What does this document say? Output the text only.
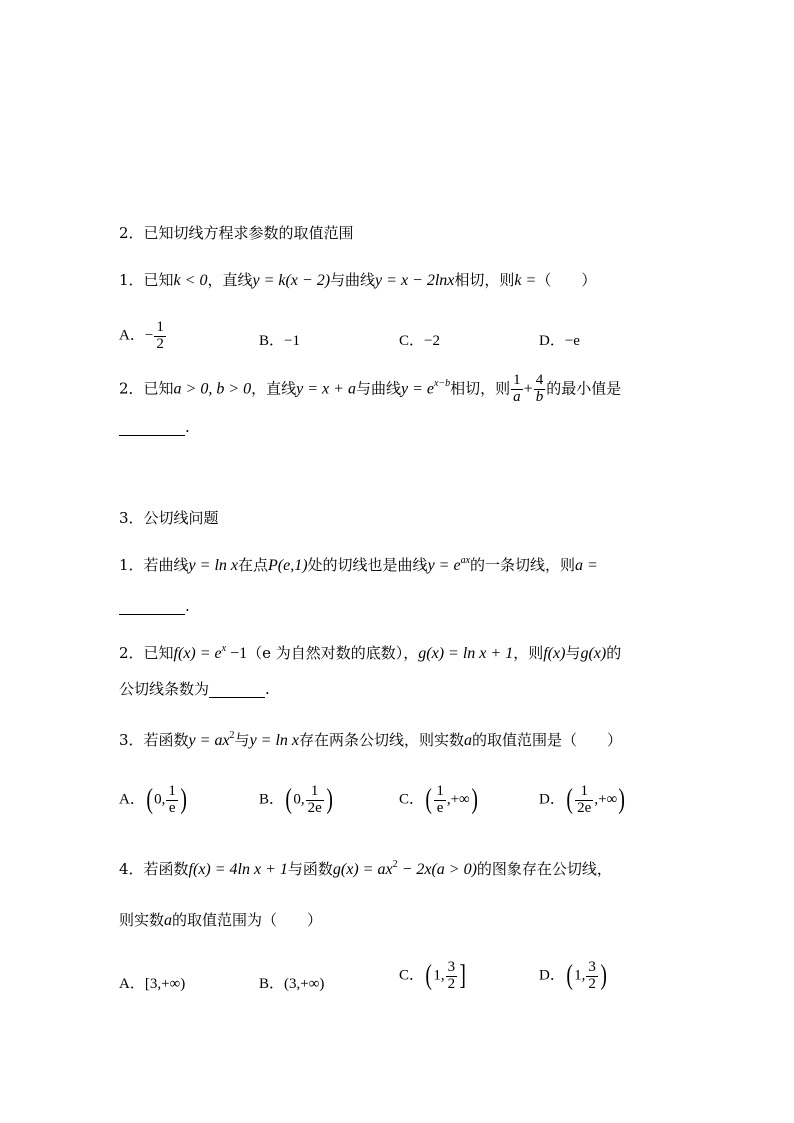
2．已知切线方程求参数的取值范围
1．已知k < 0，直线y = k(x − 2)与曲线y = x − 2lnx相切，则k =（　　）
A．− $\frac{1}{2}$	B．−1	C．−2	D．−e
2．已知a > 0, b > 0，直线y = x + a与曲线$y = e^{x-b}$相切，则 $\frac{1}{a} + \frac{4}{b}$ 的最小值是
.
3．公切线问题
1．若曲线y = ln x在点P(e,1)处的切线也是曲线$y = e^{ax}$的一条切线，则a =
.
2．已知$f(x) = e^x -1(e$ 为自然对数的底数），g(x) = ln x + 1，则f(x)与g(x)的
公切线条数为	.
3．若函数$y = ax^2$与y = ln x存在两条公切线，则实数a的取值范围是（　　）
A．(0, $\frac{1}{e}$ )	B．(0, $\frac{1}{2e}$ )	C．( $\frac{1}{e}$ ,+∞)	D．( $\frac{1}{2e}$ ,+∞)
4．若函数f(x) = 4ln x + 1与函数$g(x) = ax^2 - 2x(a > 0)$的图象存在公切线，
则实数a的取值范围为（　　）
A．[3,+∞)	B．(3,+∞)
C．(1, $\frac{3}{2}$ ]	D．(1, $\frac{3}{2}$ )
